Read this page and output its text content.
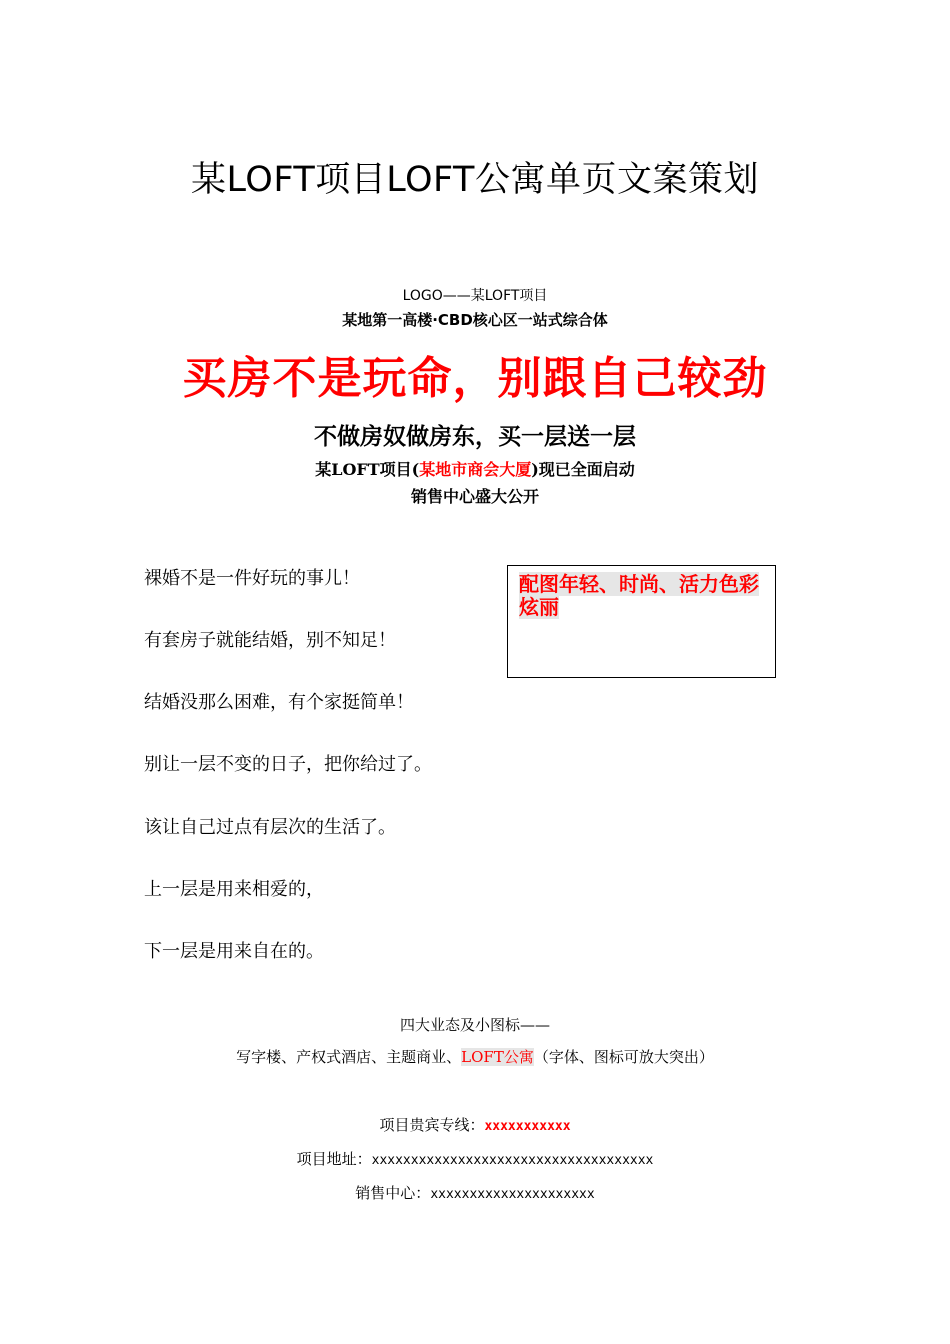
某LOFT项目LOFT公寓单页文案策划
LOGO——某LOFT项目
某地第一高楼·CBD核心区一站式综合体
买房不是玩命，别跟自己较劲
不做房奴做房东，买一层送一层
某LOFT项目(某地市商会大厦)现已全面启动
销售中心盛大公开
裸婚不是一件好玩的事儿！
有套房子就能结婚，别不知足！
结婚没那么困难，有个家挺简单！
别让一层不变的日子，把你给过了。
该让自己过点有层次的生活了。
上一层是用来相爱的，
下一层是用来自在的。
配图年轻、时尚、活力色彩炫丽
四大业态及小图标——
写字楼、产权式酒店、主题商业、LOFT公寓（字体、图标可放大突出）
项目贵宾专线：xxxxxxxxxxx
项目地址：xxxxxxxxxxxxxxxxxxxxxxxxxxxxxxxxxxxx
销售中心：xxxxxxxxxxxxxxxxxxxxx
